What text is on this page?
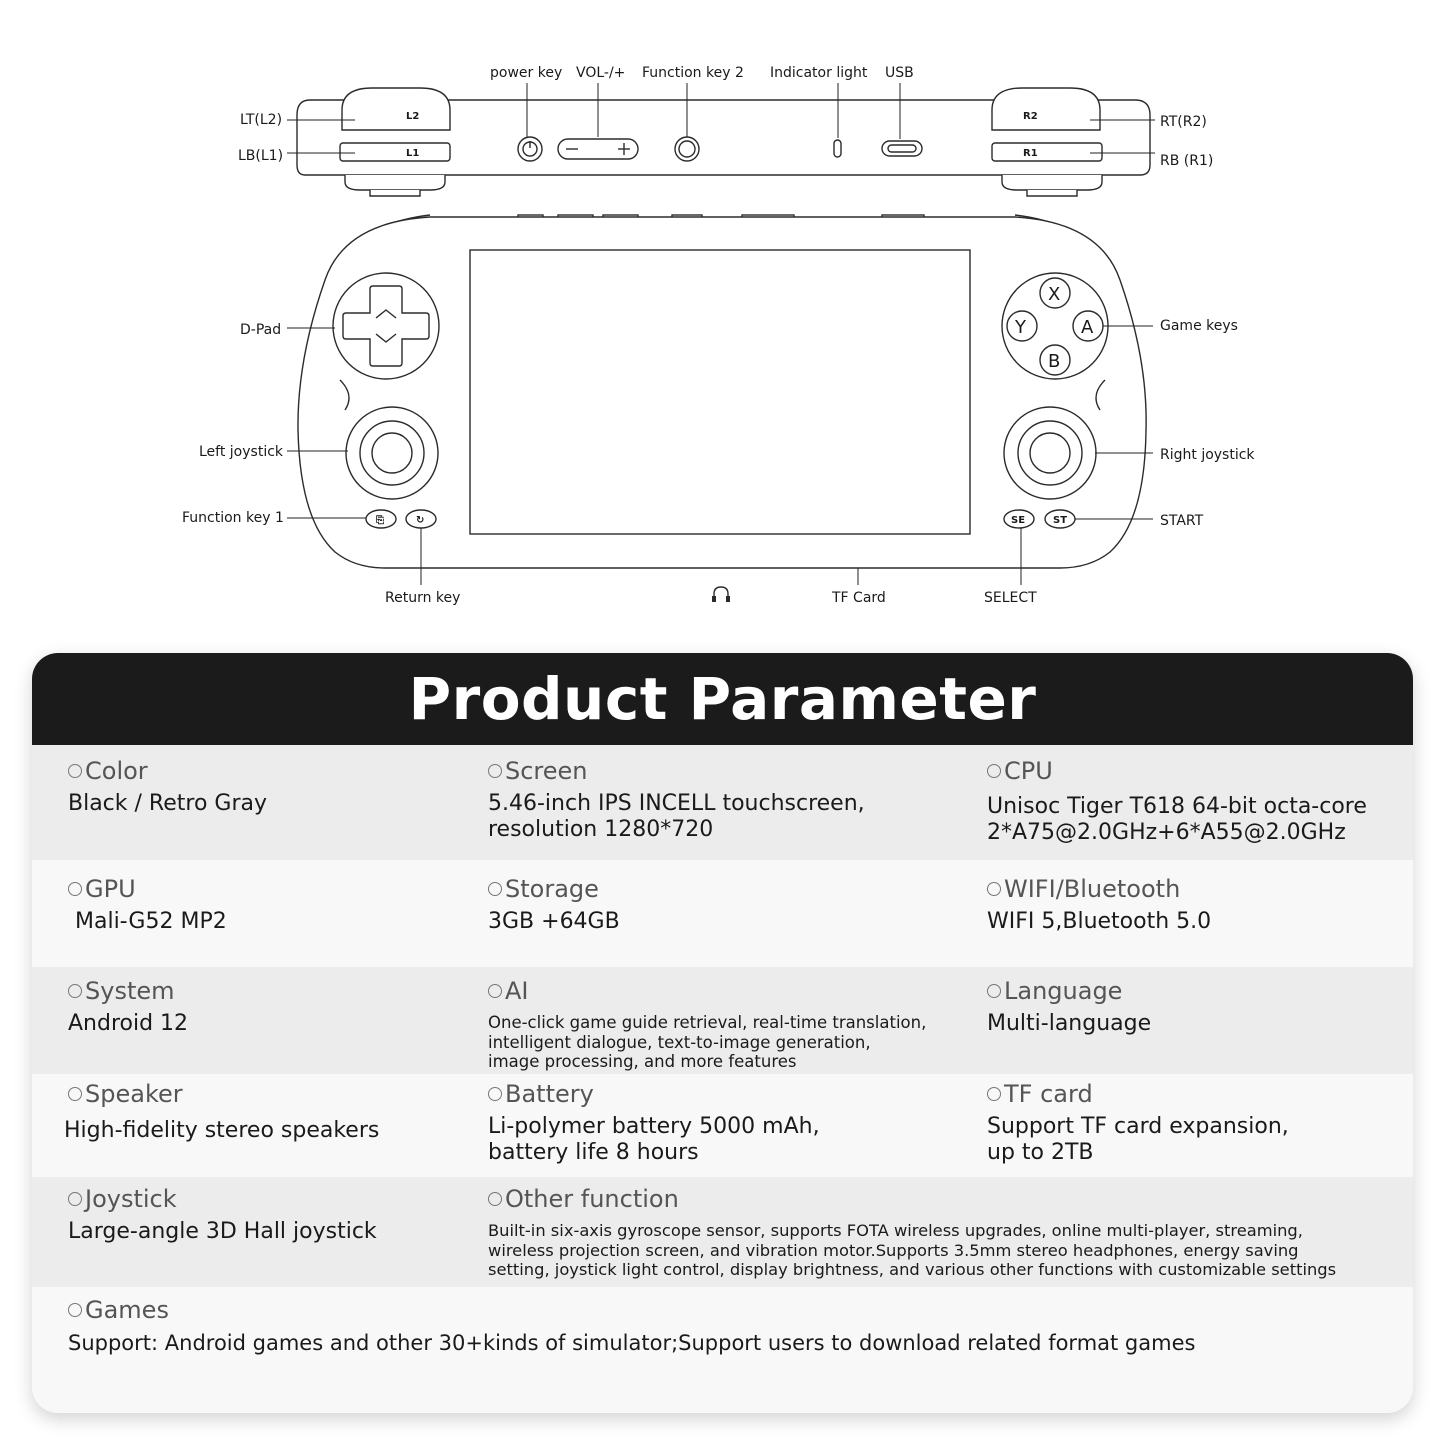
L2	R2
L1	R1
power key VOL-/+ Function key 2 Indicator light USB
LT(L2)
LB(L1)
RT(R2)
RB (R1)
⎘	↻
X
Y	A
B
SE	ST
D-Pad
Left joystick
Function key 1
Return key	TF Card	SELECT
START
Right joystick
Game keys
Product Parameter
Color
Black / Retro Gray
Screen
5.46-inch IPS INCELL touchscreen,
resolution 1280*720
CPU
Unisoc Tiger T618 64-bit octa-core
2*A75@2.0GHz+6*A55@2.0GHz
GPU
Mali-G52 MP2
Storage
3GB +64GB
WIFI/Bluetooth
WIFI 5,Bluetooth 5.0
System
Android 12
AI
One-click game guide retrieval, real-time translation,
intelligent dialogue, text-to-image generation,
image processing, and more features
Language
Multi-language
Speaker
High-fidelity stereo speakers
Battery
Li-polymer battery 5000 mAh,
battery life 8 hours
TF card
Support TF card expansion,
up to 2TB
Joystick
Large-angle 3D Hall joystick
Other function
Built-in six-axis gyroscope sensor, supports FOTA wireless upgrades, online multi-player, streaming,
wireless projection screen, and vibration motor.Supports 3.5mm stereo headphones, energy saving
setting, joystick light control, display brightness, and various other functions with customizable settings
Games
Support: Android games and other 30+kinds of simulator;Support users to download related format games
